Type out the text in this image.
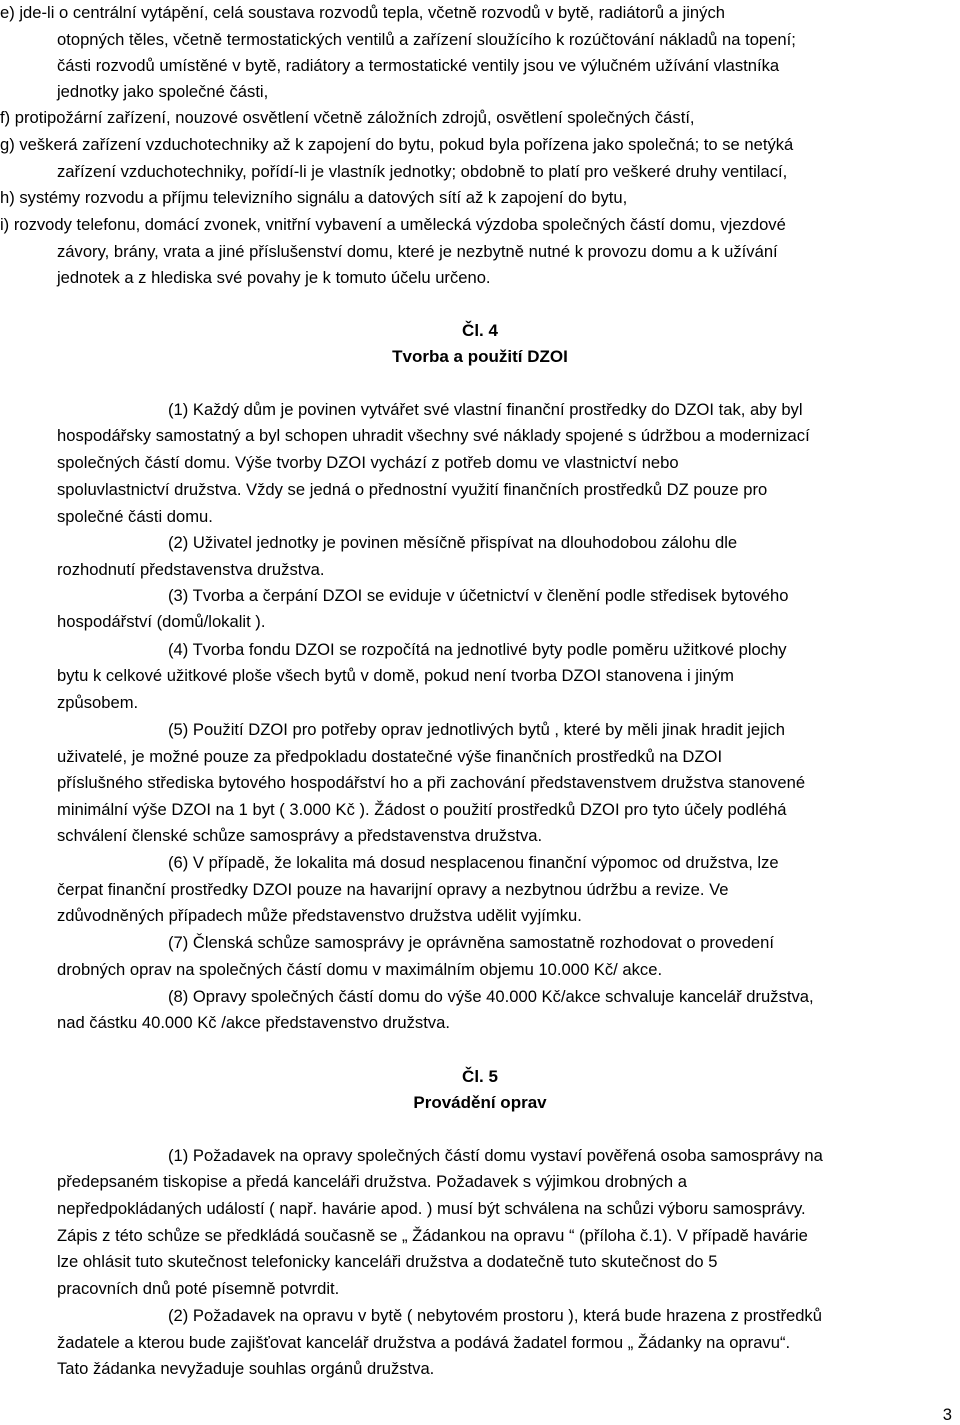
e) jde-li o centrální vytápění, celá soustava rozvodů tepla, včetně rozvodů v bytě, radiátorů a jiných
otopných těles, včetně termostatických ventilů a zařízení sloužícího k rozúčtování nákladů na topení;
části rozvodů umístěné v bytě, radiátory a termostatické ventily jsou ve výlučném užívání vlastníka
jednotky jako společné části,
f) protipožární zařízení, nouzové osvětlení včetně záložních zdrojů, osvětlení společných částí,
g) veškerá zařízení vzduchotechniky až k zapojení do bytu, pokud byla pořízena jako společná; to se netýká
zařízení vzduchotechniky, pořídí-li je vlastník jednotky; obdobně to platí pro veškeré druhy ventilací,
h) systémy rozvodu a příjmu televizního signálu a datových sítí až k zapojení do bytu,
i) rozvody telefonu, domácí zvonek, vnitřní vybavení a umělecká výzdoba společných částí domu, vjezdové
závory, brány, vrata a jiné příslušenství domu, které je nezbytně nutné k provozu domu a k užívání
jednotek a z hlediska své povahy je k tomuto účelu určeno.
Čl. 4
Tvorba a použití DZOI
(1) Každý dům je povinen vytvářet své vlastní finanční prostředky do DZOI tak, aby byl
hospodářsky samostatný a byl schopen uhradit všechny své náklady spojené s údržbou a modernizací
společných částí domu. Výše tvorby DZOI vychází z potřeb domu ve vlastnictví nebo
spoluvlastnictví družstva. Vždy se jedná o přednostní využití finančních prostředků DZ pouze pro
společné části domu.
(2) Uživatel jednotky je povinen měsíčně přispívat na dlouhodobou zálohu dle
rozhodnutí představenstva družstva.
(3) Tvorba a čerpání DZOI se eviduje v účetnictví v členění podle středisek bytového
hospodářství (domů/lokalit ).
(4) Tvorba fondu DZOI se rozpočítá na jednotlivé byty podle poměru užitkové plochy
bytu k celkové užitkové ploše všech bytů v domě, pokud není tvorba DZOI stanovena i jiným
způsobem.
(5) Použití DZOI pro potřeby oprav jednotlivých bytů , které by měli jinak hradit jejich
uživatelé, je možné pouze za předpokladu dostatečné výše finančních prostředků na DZOI
příslušného střediska bytového hospodářství ho a při zachování představenstvem družstva stanovené
minimální výše DZOI na 1 byt ( 3.000 Kč ). Žádost o použití prostředků DZOI pro tyto účely podléhá
schválení členské schůze samosprávy a představenstva družstva.
(6) V případě, že lokalita má dosud nesplacenou finanční výpomoc od družstva, lze
čerpat finanční prostředky DZOI pouze na havarijní opravy a nezbytnou údržbu a revize. Ve
zdůvodněných případech může představenstvo družstva udělit vyjímku.
(7) Členská schůze samosprávy je oprávněna samostatně rozhodovat o provedení
drobných oprav na společných částí domu v maximálním objemu 10.000 Kč/ akce.
(8) Opravy společných částí domu do výše 40.000 Kč/akce schvaluje kancelář družstva,
nad částku 40.000 Kč /akce představenstvo družstva.
Čl. 5
Provádění oprav
(1) Požadavek na opravy společných částí domu vystaví pověřená osoba samosprávy na
předepsaném tiskopise a předá kanceláři družstva. Požadavek s výjimkou drobných a
nepředpokládaných událostí ( např. havárie apod. ) musí být schválena na schůzi výboru samosprávy.
Zápis z této schůze se předkládá současně se „ Žádankou na opravu “ (příloha č.1). V případě havárie
lze ohlásit tuto skutečnost telefonicky kanceláři družstva a dodatečně tuto skutečnost do 5
pracovních dnů poté písemně potvrdit.
(2) Požadavek na opravu v bytě ( nebytovém prostoru ), která bude hrazena z prostředků
žadatele a kterou bude zajišťovat kancelář družstva a podává žadatel formou „ Žádanky na opravu“.
Tato žádanka nevyžaduje souhlas orgánů družstva.
3
